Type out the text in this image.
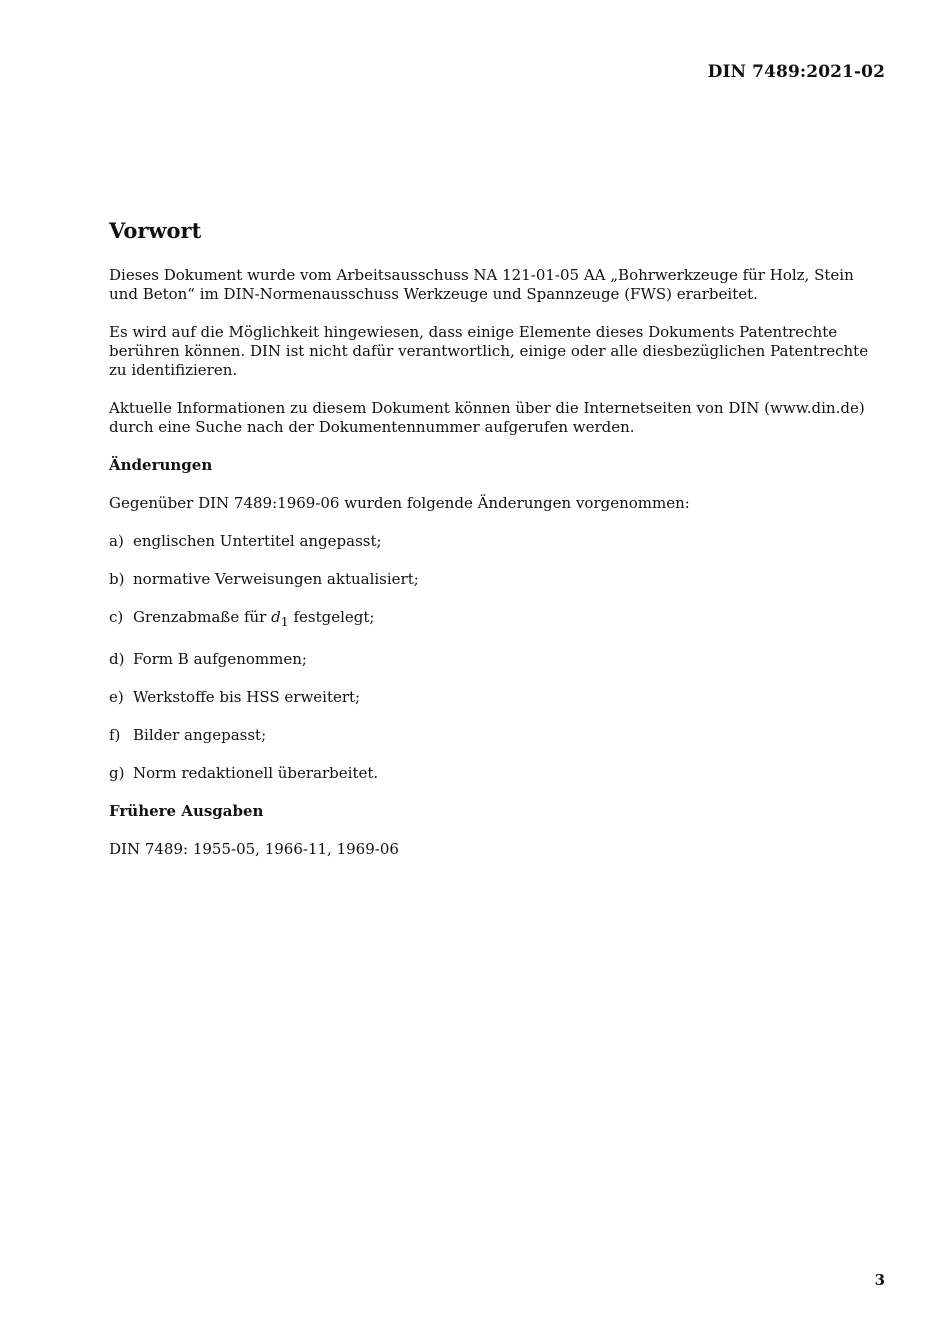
DIN 7489:2021-02
Vorwort

Dieses Dokument wurde vom Arbeitsausschuss NA 121-01-05 AA „Bohrwerkzeuge für Holz, Stein und Beton“ im DIN-Normenausschuss Werkzeuge und Spannzeuge (FWS) erarbeitet.

Es wird auf die Möglichkeit hingewiesen, dass einige Elemente dieses Dokuments Patentrechte berühren können. DIN ist nicht dafür verantwortlich, einige oder alle diesbezüglichen Patentrechte zu identifizieren.

Aktuelle Informationen zu diesem Dokument können über die Internetseiten von DIN (www.din.de) durch eine Suche nach der Dokumentennummer aufgerufen werden.

Änderungen

Gegenüber DIN 7489:1969-06 wurden folgende Änderungen vorgenommen:

a) englischen Untertitel angepasst;
b) normative Verweisungen aktualisiert;
c) Grenzabmaße für $d_1$ festgelegt;
d) Form B aufgenommen;
e) Werkstoffe bis HSS erweitert;
f) Bilder angepasst;
g) Norm redaktionell überarbeitet.
Frühere Ausgaben

DIN 7489: 1955-05, 1966-11, 1969-06

3
